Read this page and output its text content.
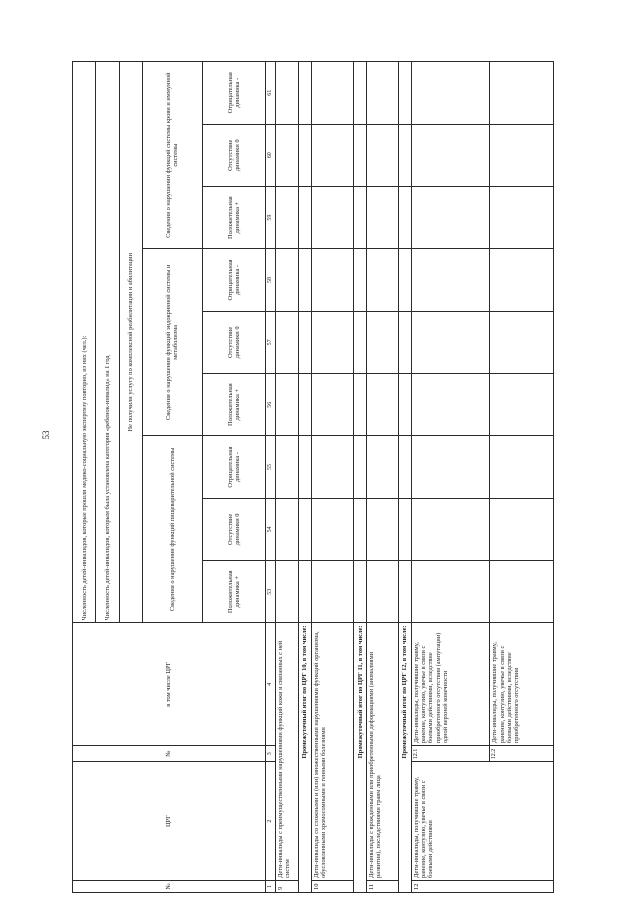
53
№	ЦРГ	№	в том числе ЦРГ	Численность детей-инвалидов, которые прошли медико-социальную экспертизу повторно, из них (чел.):								
				Численность детей-инвалидов, которым была установлена категория «ребенок-инвалид» на 1 год								
				Не получили услугу по комплексной реабилитации и абилитации								
				Сведения о нарушении функций пищеварительной системы			Сведения о нарушении функций эндокринной системы и метаболизма			Сведения о нарушении функций системы крови и иммунной системы		
				Положительная динамика +	Отсутствие динамики 0	Отрицательная динамика -	Положительная динамика +	Отсутствие динамики 0	Отрицательная динамика -	Положительная динамика +	Отсутствие динамики 0	Отрицательная динамика -
1	2	3	4	53	54	55	56	57	58	59	60	61
9	Дети-инвалиды с преимущественными нарушениями функций кожи и связанных с ней систем											
Промежуточный итог по ЦРГ 10, в том числе:												
10	Дети-инвалиды со сложными и (или) множественными нарушениями функций организма, обусловленными хромосомными и генными болезнями											
Промежуточный итог по ЦРГ 11, в том числе:												
11	Дети-инвалиды с врожденными или приобретенными деформациями (аномалиями развития), последствиями травм лица											
Промежуточный итог по ЦРГ 12, в том числе:												
12	Дети-инвалиды, получившие травму, ранение, контузию, увечье в связи с боевыми действиями	12.1	Дети-инвалиды, получившие травму, ранение, контузию, увечье в связи с боевыми действиями, вследствие приобретенного отсутствия (ампутации) одной верхней конечности									
		12.2	Дети-инвалиды, получившие травму, ранение, контузию, увечье в связи с боевыми действиями, вследствие приобретенного отсутствия									
